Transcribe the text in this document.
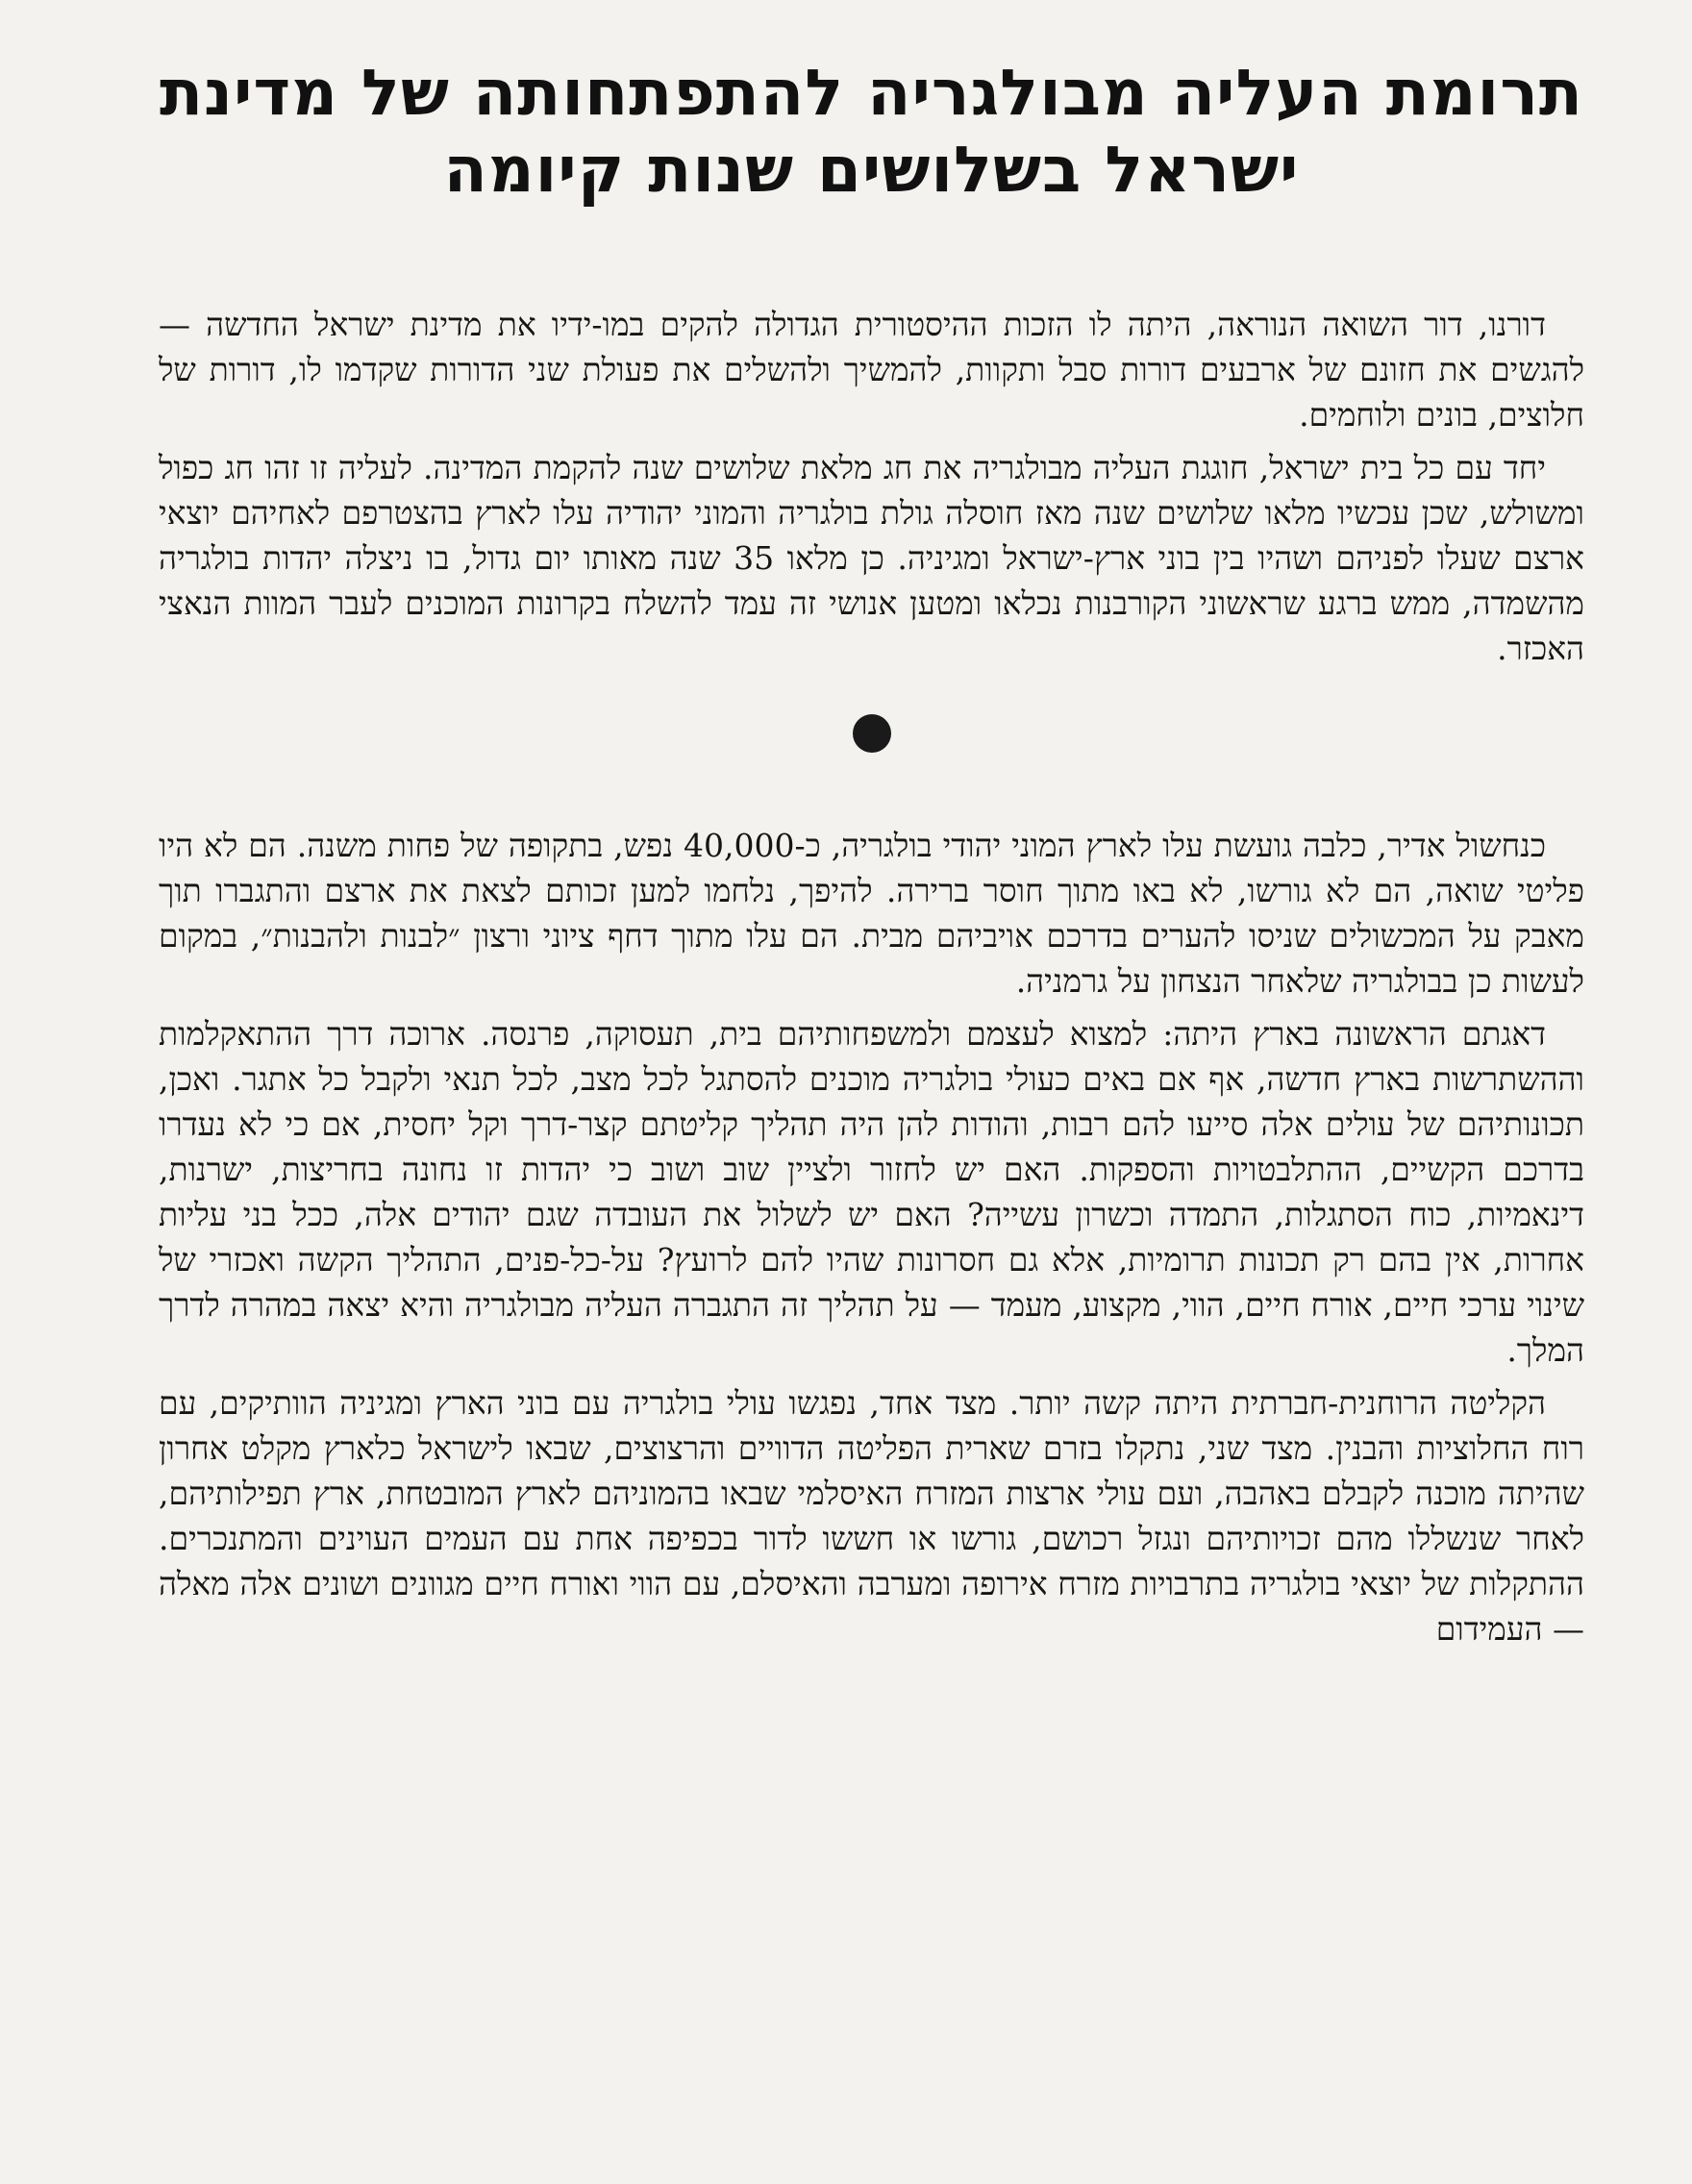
תרומת העליה מבולגריה להתפתחותה של מדינת
ישראל בשלושים שנות קיומה

דורנו, דור השואה הנוראה, היתה לו הזכות ההיסטורית הגדולה להקים במו-ידיו את מדינת ישראל החדשה — להגשים את חזונם של ארבעים דורות סבל ותקוות, להמשיך ולהשלים את פעולת שני הדורות שקדמו לו, דורות של חלוצים, בונים ולוחמים.

יחד עם כל בית ישראל, חוגגת העליה מבולגריה את חג מלאת שלושים שנה להקמת המדינה. לעליה זו זהו חג כפול ומשולש, שכן עכשיו מלאו שלושים שנה מאז חוסלה גולת בולגריה והמוני יהודיה עלו לארץ בהצטרפם לאחיהם יוצאי ארצם שעלו לפניהם ושהיו בין בוני ארץ-ישראל ומגיניה. כן מלאו 35 שנה מאותו יום גדול, בו ניצלה יהדות בולגריה מהשמדה, ממש ברגע שראשוני הקורבנות נכלאו ומטען אנושי זה עמד להשלח בקרונות המוכנים לעבר המוות הנאצי האכזר.

כנחשול אדיר, כלבה גועשת עלו לארץ המוני יהודי בולגריה, כ-40,000 נפש, בתקופה של פחות משנה. הם לא היו פליטי שואה, הם לא גורשו, לא באו מתוך חוסר ברירה. להיפך, נלחמו למען זכותם לצאת את ארצם והתגברו תוך מאבק על המכשולים שניסו להערים בדרכם אויביהם מבית. הם עלו מתוך דחף ציוני ורצון ״לבנות ולהבנות״, במקום לעשות כן בבולגריה שלאחר הנצחון על גרמניה.

דאגתם הראשונה בארץ היתה: למצוא לעצמם ולמשפחותיהם בית, תעסוקה, פרנסה. ארוכה דרך ההתאקלמות וההשתרשות בארץ חדשה, אף אם באים כעולי בולגריה מוכנים להסתגל לכל מצב, לכל תנאי ולקבל כל אתגר. ואכן, תכונותיהם של עולים אלה סייעו להם רבות, והודות להן היה תהליך קליטתם קצר-דרך וקל יחסית, אם כי לא נעדרו בדרכם הקשיים, ההתלבטויות והספקות. האם יש לחזור ולציין שוב ושוב כי יהדות זו נחונה בחריצות, ישרנות, דינאמיות, כוח הסתגלות, התמדה וכשרון עשייה? האם יש לשלול את העובדה שגם יהודים אלה, ככל בני עליות אחרות, אין בהם רק תכונות תרומיות, אלא גם חסרונות שהיו להם לרועץ? על-כל-פנים, התהליך הקשה ואכזרי של שינוי ערכי חיים, אורח חיים, הווי, מקצוע, מעמד — על תהליך זה התגברה העליה מבולגריה והיא יצאה במהרה לדרך המלך.

הקליטה הרוחנית-חברתית היתה קשה יותר. מצד אחד, נפגשו עולי בולגריה עם בוני הארץ ומגיניה הוותיקים, עם רוח החלוציות והבנין. מצד שני, נתקלו בזרם שארית הפליטה הדוויים והרצוצים, שבאו לישראל כלארץ מקלט אחרון שהיתה מוכנה לקבלם באהבה, ועם עולי ארצות המזרח האיסלמי שבאו בהמוניהם לארץ המובטחת, ארץ תפילותיהם, לאחר שנשללו מהם זכויותיהם ונגזל רכושם, גורשו או חששו לדור בכפיפה אחת עם העמים העוינים והמתנכרים. ההתקלות של יוצאי בולגריה בתרבויות מזרח אירופה ומערבה והאיסלם, עם הווי ואורח חיים מגוונים ושונים אלה מאלה — העמידום
